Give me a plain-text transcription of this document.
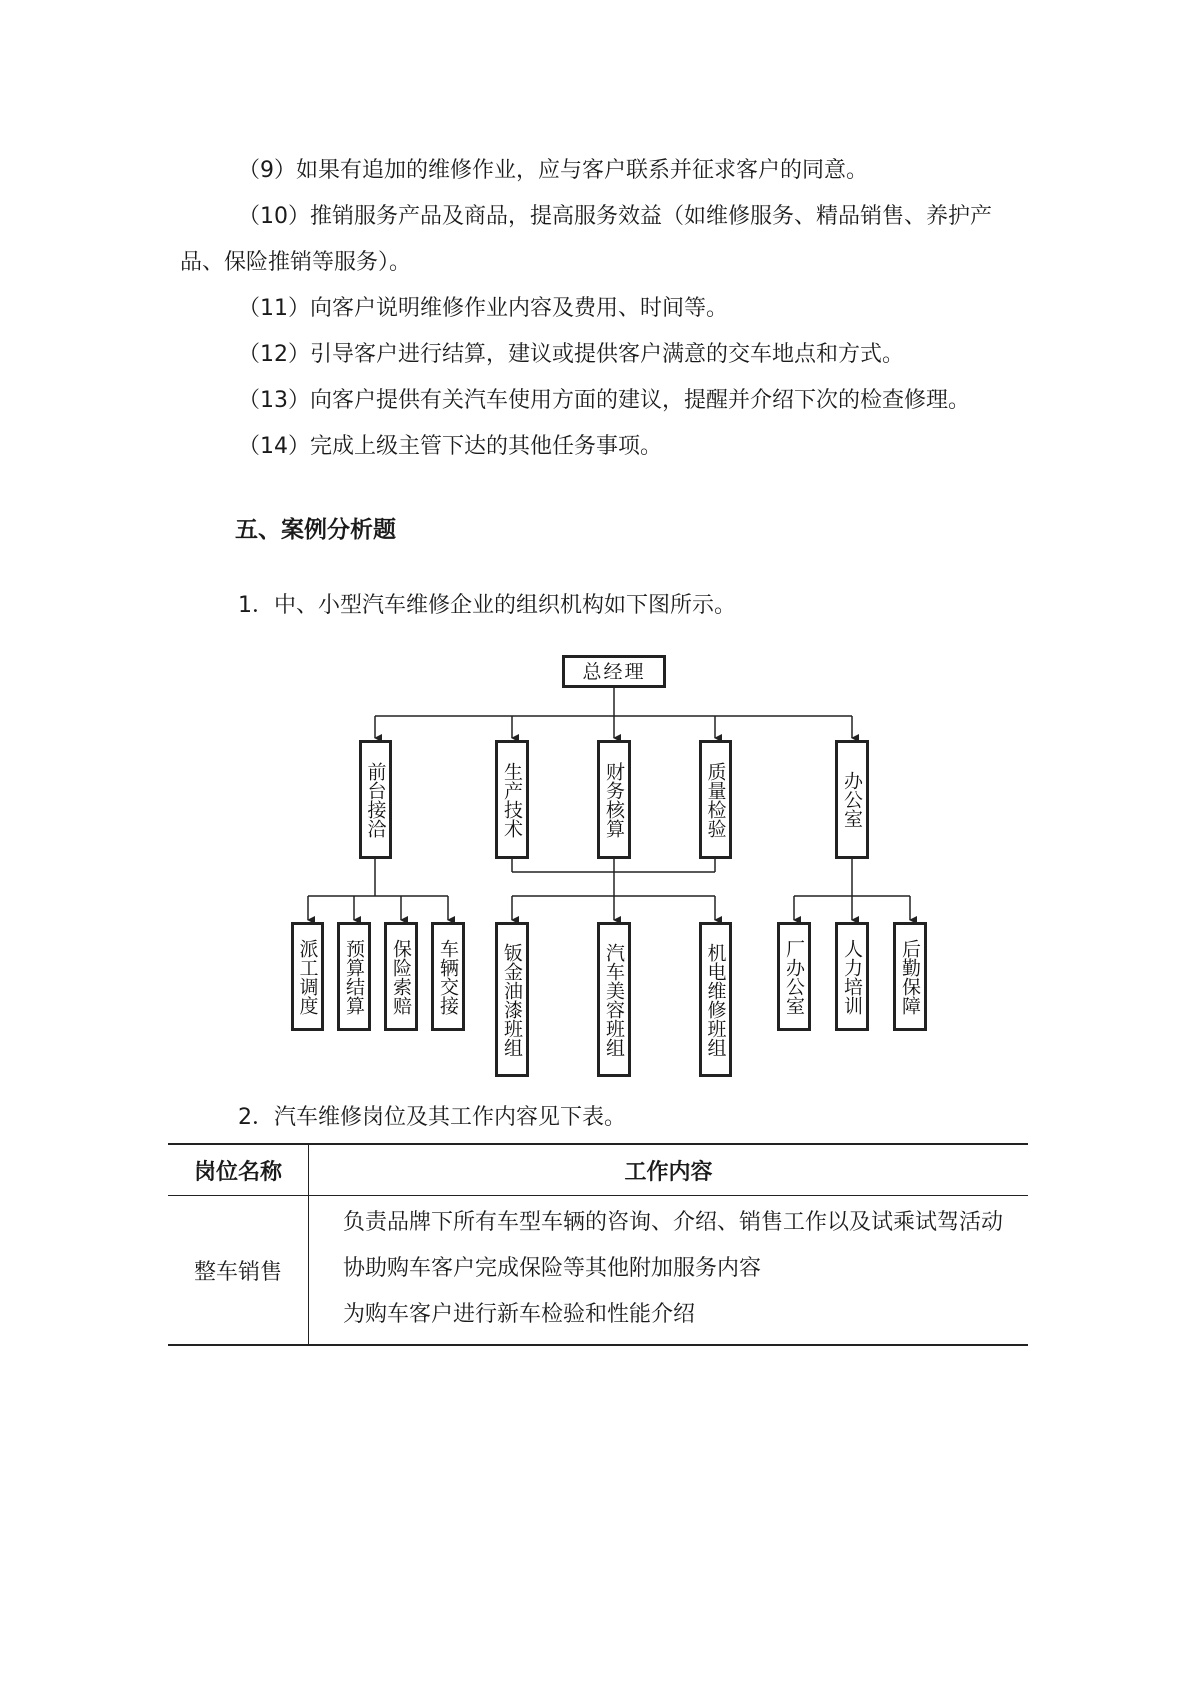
（9）如果有追加的维修作业，应与客户联系并征求客户的同意。

（10）推销服务产品及商品，提高服务效益（如维修服务、精品销售、养护产品、保险推销等服务）。

（11）向客户说明维修作业内容及费用、时间等。

（12）引导客户进行结算，建议或提供客户满意的交车地点和方式。

（13）向客户提供有关汽车使用方面的建议，提醒并介绍下次的检查修理。

（14）完成上级主管下达的其他任务事项。

五、案例分析题

1．中、小型汽车维修企业的组织机构如下图所示。

总经理
前台接洽	生产技术	财务核算	质量检验	办公室
派工调度 预算结算 保险索赔 车辆交接 钣金油漆班组	汽车美容班组	机电维修班组	厂办公室 人力培训 后勤保障

2．汽车维修岗位及其工作内容见下表。

岗位名称	工作内容
整车销售	负责品牌下所有车型车辆的咨询、介绍、销售工作以及试乘试驾活动

协助购车客户完成保险等其他附加服务内容

为购车客户进行新车检验和性能介绍
